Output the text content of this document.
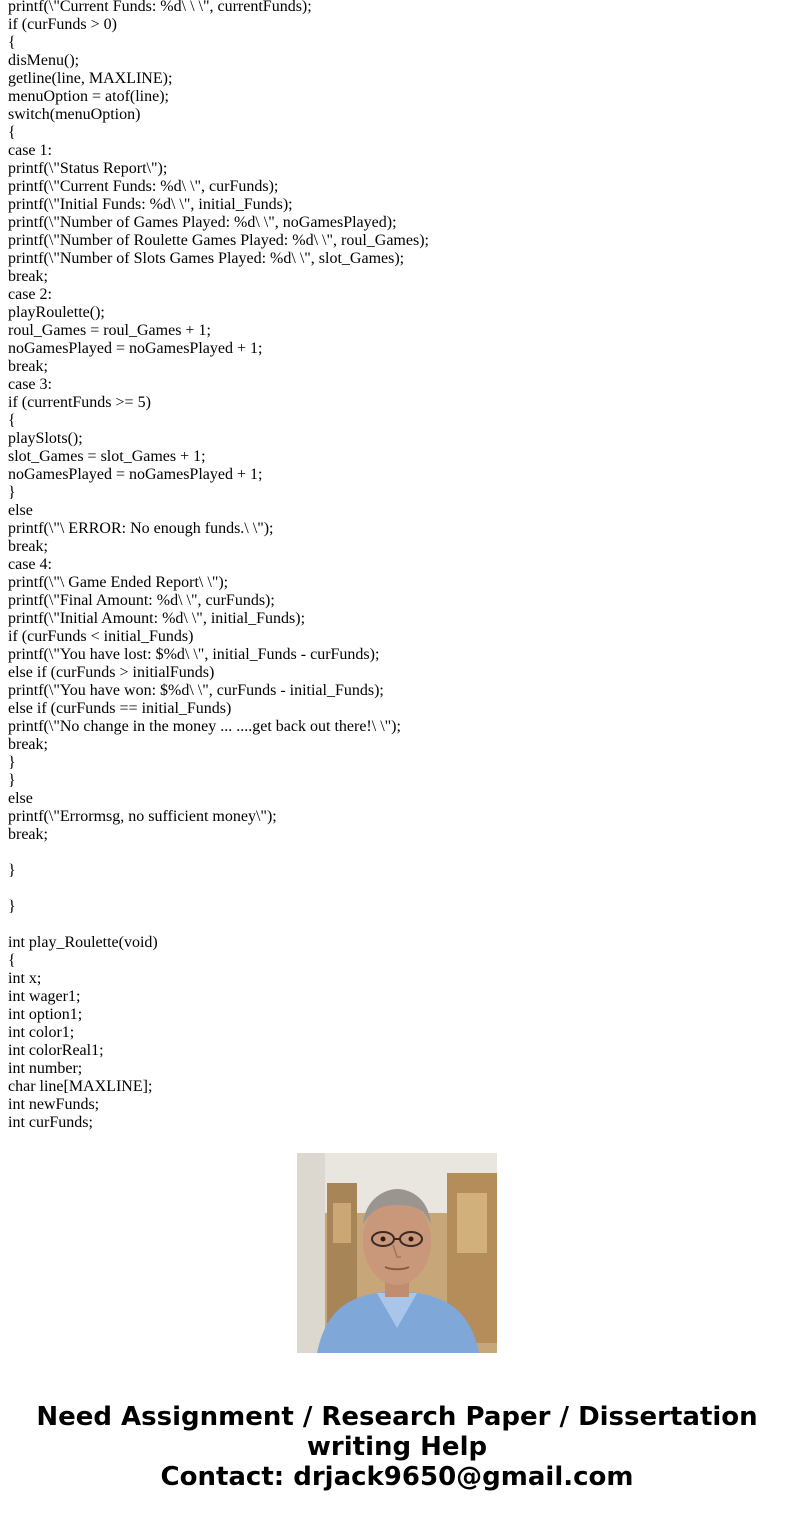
printf(\"Current Funds: %d\ \ \", currentFunds);
if (curFunds > 0)
{
disMenu();
getline(line, MAXLINE);
menuOption = atof(line);
switch(menuOption)
{
case 1:
printf(\"Status Report\");
printf(\"Current Funds: %d\ \", curFunds);
printf(\"Initial Funds: %d\ \", initial_Funds);
printf(\"Number of Games Played: %d\ \", noGamesPlayed);
printf(\"Number of Roulette Games Played: %d\ \", roul_Games);
printf(\"Number of Slots Games Played: %d\ \", slot_Games);
break;
case 2:
playRoulette();
roul_Games = roul_Games + 1;
noGamesPlayed = noGamesPlayed + 1;
break;
case 3:
if (currentFunds >= 5)
{
playSlots();
slot_Games = slot_Games + 1;
noGamesPlayed = noGamesPlayed + 1;
}
else
printf(\"\ ERROR: No enough funds.\ \");
break;
case 4:
printf(\"\ Game Ended Report\ \");
printf(\"Final Amount: %d\ \", curFunds);
printf(\"Initial Amount: %d\ \", initial_Funds);
if (curFunds < initial_Funds)
printf(\"You have lost: $%d\ \", initial_Funds - curFunds);
else if (curFunds > initialFunds)
printf(\"You have won: $%d\ \", curFunds - initial_Funds);
else if (curFunds == initial_Funds)
printf(\"No change in the money ... ....get back out there!\ \");
break;
}
}
else
printf(\"Errormsg, no sufficient money\");
break;
}
}
int play_Roulette(void)
{
int x;
int wager1;
int option1;
int color1;
int colorReal1;
int number;
char line[MAXLINE];
int newFunds;
int curFunds;
Need Assignment / Research Paper / Dissertation
writing Help
Contact: drjack9650@gmail.com
